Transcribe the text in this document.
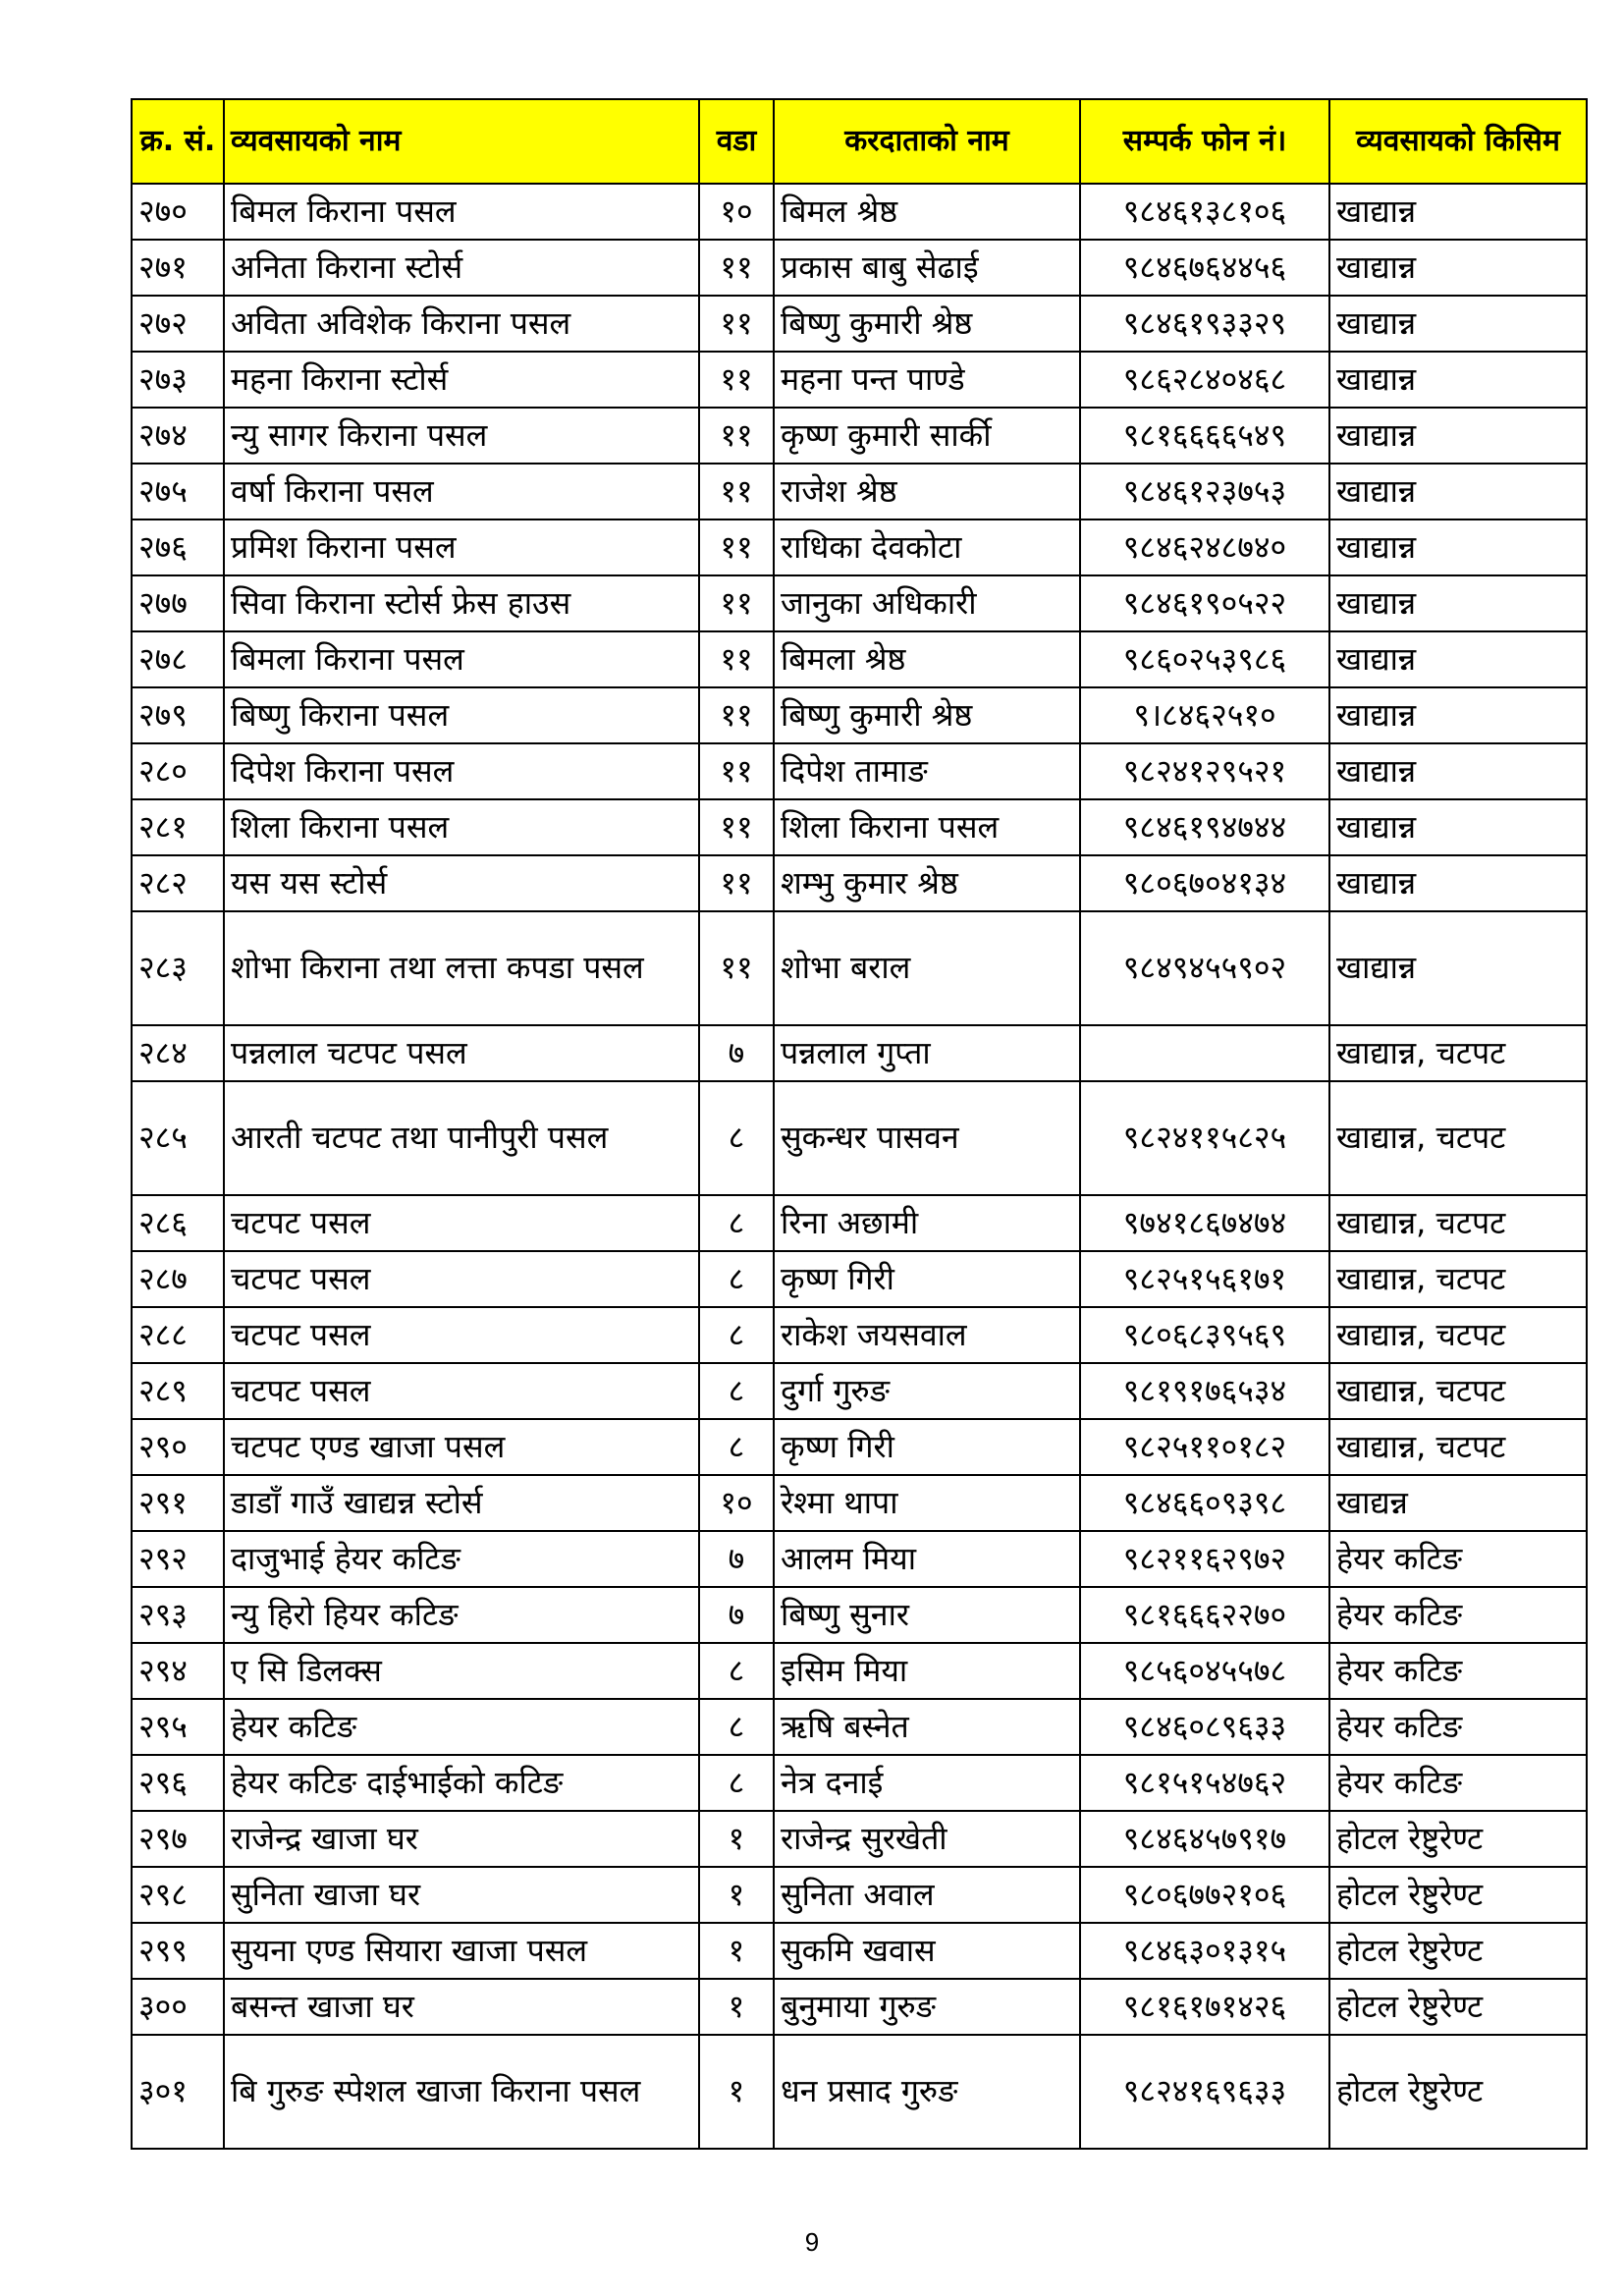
क्र. सं.	व्यवसायको नाम	वडा	करदाताको नाम	सम्पर्क फोन नं।	व्यवसायको किसिम
२७०	बिमल किराना पसल	१०	बिमल श्रेष्ठ	९८४६१३८१०६	खाद्यान्न
२७१	अनिता किराना स्टोर्स	११	प्रकास बाबु सेढाई	९८४६७६४४५६	खाद्यान्न
२७२	अविता अविशेक किराना पसल	११	बिष्णु कुमारी श्रेष्ठ	९८४६१९३३२९	खाद्यान्न
२७३	महना किराना स्टोर्स	११	महना पन्त पाण्डे	९८६२८४०४६८	खाद्यान्न
२७४	न्यु सागर किराना पसल	११	कृष्ण कुमारी सार्की	९८१६६६६५४९	खाद्यान्न
२७५	वर्षा किराना पसल	११	राजेश श्रेष्ठ	९८४६१२३७५३	खाद्यान्न
२७६	प्रमिश किराना पसल	११	राधिका देवकोटा	९८४६२४८७४०	खाद्यान्न
२७७	सिवा किराना स्टोर्स फ्रेस हाउस	११	जानुका अधिकारी	९८४६१९०५२२	खाद्यान्न
२७८	बिमला किराना पसल	११	बिमला श्रेष्ठ	९८६०२५३९८६	खाद्यान्न
२७९	बिष्णु किराना पसल	११	बिष्णु कुमारी श्रेष्ठ	९।८४६२५१०	खाद्यान्न
२८०	दिपेश किराना पसल	११	दिपेश तामाङ	९८२४१२९५२१	खाद्यान्न
२८१	शिला किराना पसल	११	शिला किराना पसल	९८४६१९४७४४	खाद्यान्न
२८२	यस यस स्टोर्स	११	शम्भु कुमार श्रेष्ठ	९८०६७०४१३४	खाद्यान्न
२८३	शोभा किराना तथा लत्ता कपडा पसल	११	शोभा बराल	९८४९४५५९०२	खाद्यान्न
२८४	पन्नलाल चटपट पसल	७	पन्नलाल गुप्ता		खाद्यान्न, चटपट
२८५	आरती चटपट तथा पानीपुरी पसल	८	सुकन्धर पासवन	९८२४११५८२५	खाद्यान्न, चटपट
२८६	चटपट पसल	८	रिना अछामी	९७४१८६७४७४	खाद्यान्न, चटपट
२८७	चटपट पसल	८	कृष्ण गिरी	९८२५१५६१७१	खाद्यान्न, चटपट
२८८	चटपट पसल	८	राकेश जयसवाल	९८०६८३९५६९	खाद्यान्न, चटपट
२८९	चटपट पसल	८	दुर्गा गुरुङ	९८१९१७६५३४	खाद्यान्न, चटपट
२९०	चटपट एण्ड खाजा पसल	८	कृष्ण गिरी	९८२५११०१८२	खाद्यान्न, चटपट
२९१	डाडाँ गाउँ खाद्यन्न स्टोर्स	१०	रेश्मा थापा	९८४६६०९३९८	खाद्यन्न
२९२	दाजुभाई हेयर कटिङ	७	आलम मिया	९८२११६२९७२	हेयर कटिङ
२९३	न्यु हिरो हियर कटिङ	७	बिष्णु सुनार	९८१६६६२२७०	हेयर कटिङ
२९४	ए सि डिलक्स	८	इसिम मिया	९८५६०४५५७८	हेयर कटिङ
२९५	हेयर कटिङ	८	ऋषि बस्नेत	९८४६०८९६३३	हेयर कटिङ
२९६	हेयर कटिङ दाईभाईको कटिङ	८	नेत्र दनाई	९८१५१५४७६२	हेयर कटिङ
२९७	राजेन्द्र खाजा घर	१	राजेन्द्र सुरखेती	९८४६४५७९१७	होटल रेष्टुरेण्ट
२९८	सुनिता खाजा घर	१	सुनिता अवाल	९८०६७७२१०६	होटल रेष्टुरेण्ट
२९९	सुयना एण्ड सियारा खाजा पसल	१	सुकमि खवास	९८४६३०१३१५	होटल रेष्टुरेण्ट
३००	बसन्त खाजा घर	१	बुनुमाया गुरुङ	९८१६१७१४२६	होटल रेष्टुरेण्ट
३०१	बि गुरुङ स्पेशल खाजा किराना पसल	१	धन प्रसाद गुरुङ	९८२४१६९६३३	होटल रेष्टुरेण्ट
9
